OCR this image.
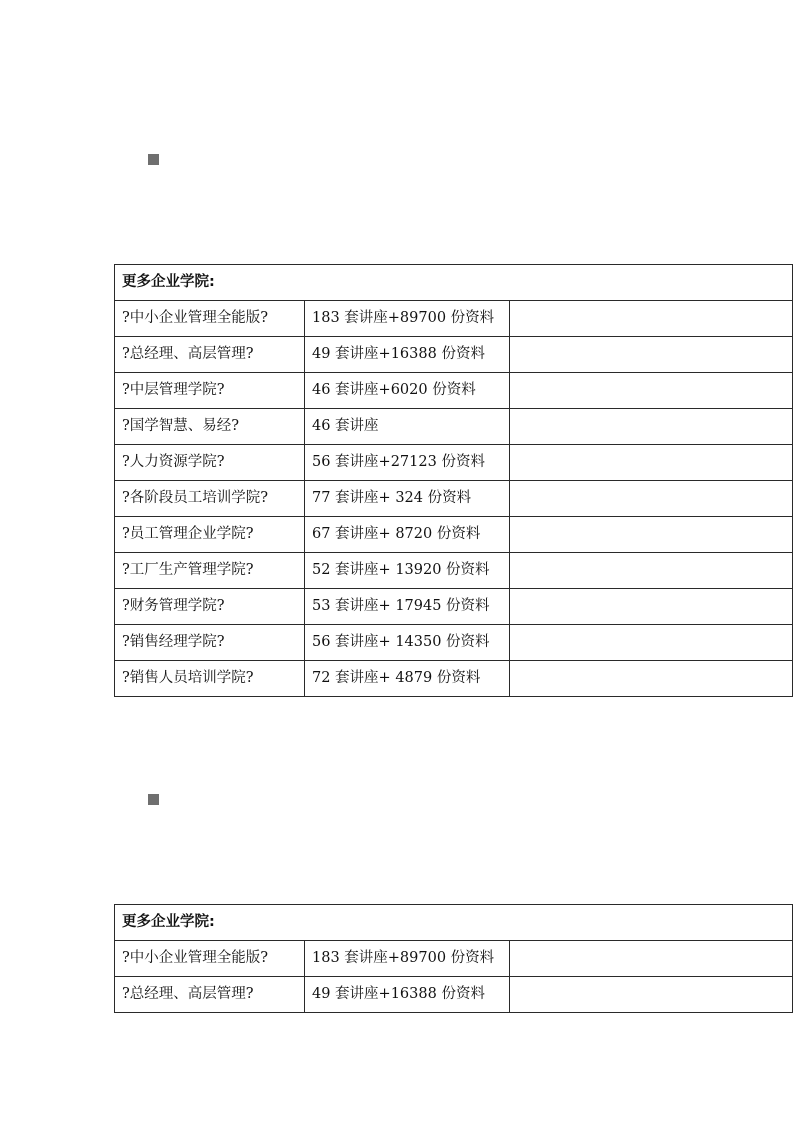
更多企业学院:		
?中小企业管理全能版?	183 套讲座+89700 份资料	
?总经理、高层管理?	49 套讲座+16388 份资料	
?中层管理学院?	46 套讲座+6020 份资料	
?国学智慧、易经?	46 套讲座	
?人力资源学院?	56 套讲座+27123 份资料	
?各阶段员工培训学院?	77 套讲座+ 324 份资料	
?员工管理企业学院?	67 套讲座+ 8720 份资料	
?工厂生产管理学院?	52 套讲座+ 13920 份资料	
?财务管理学院?	53 套讲座+ 17945 份资料	
?销售经理学院?	56 套讲座+ 14350 份资料	
?销售人员培训学院?	72 套讲座+ 4879 份资料	
更多企业学院:		
?中小企业管理全能版?	183 套讲座+89700 份资料	
?总经理、高层管理?	49 套讲座+16388 份资料	
